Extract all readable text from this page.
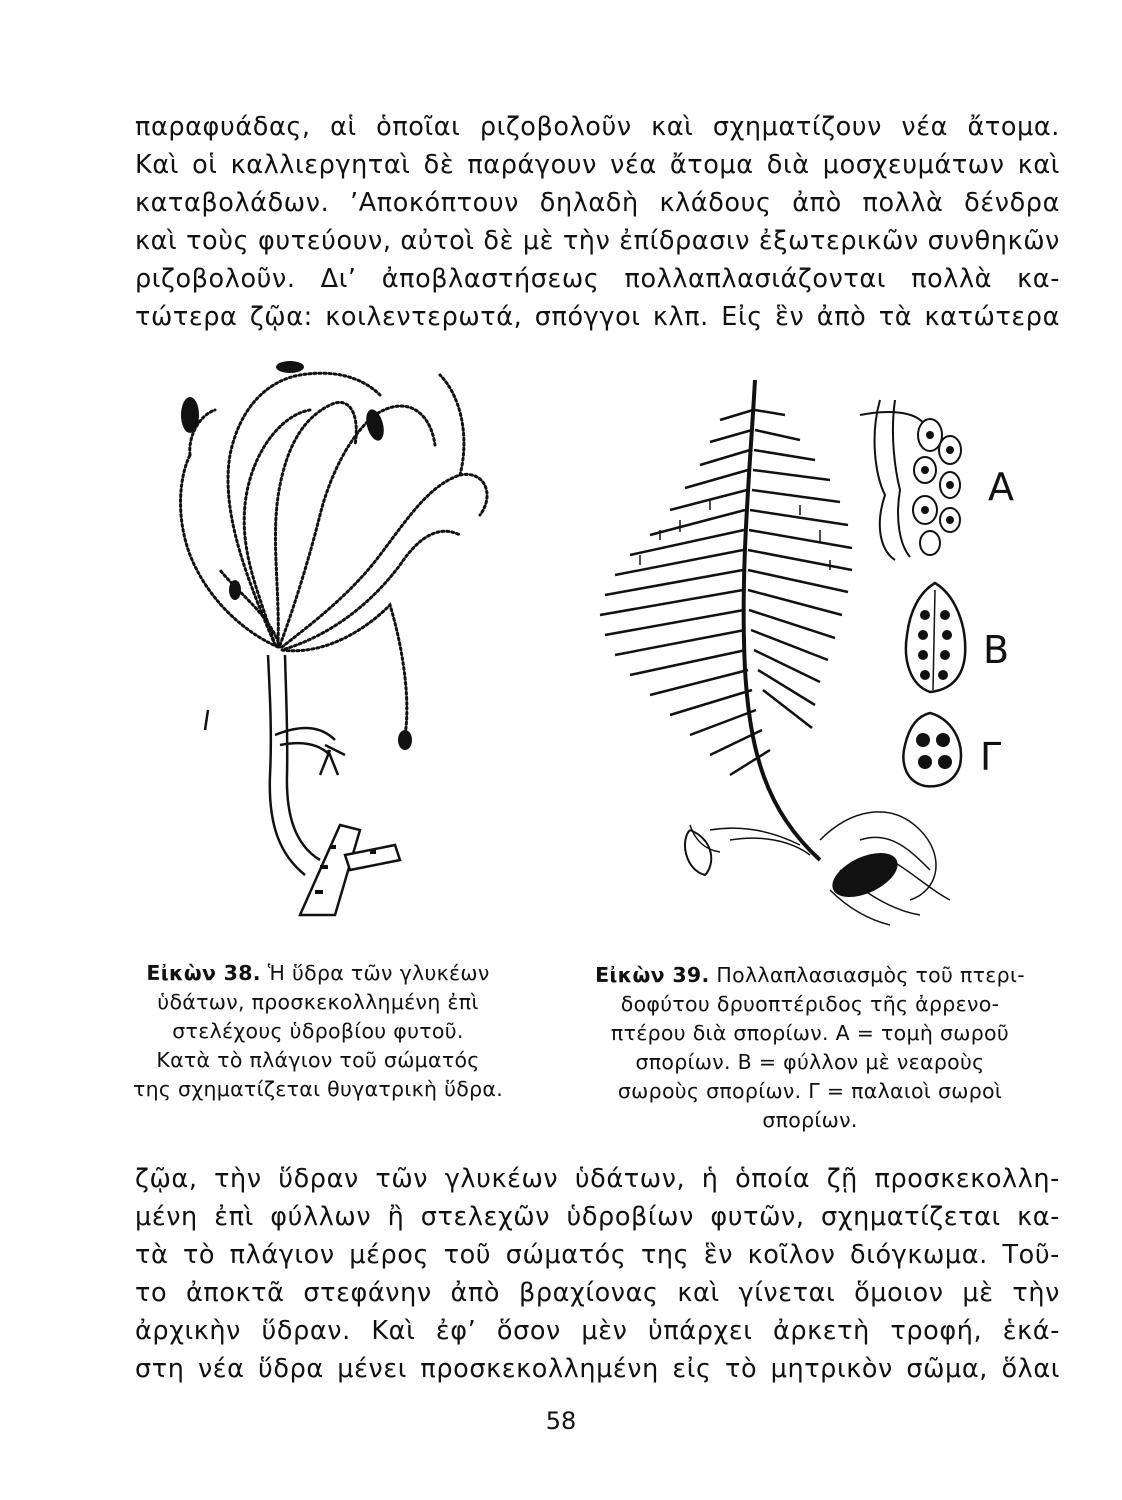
παραφυάδας, αἱ ὁποῖαι ριζοβολοῦν καὶ σχηματίζουν νέα ἄτομα.
Καὶ οἱ καλλιεργηταὶ δὲ παράγουν νέα ἄτομα διὰ μοσχευμάτων καὶ
καταβολάδων. ’Αποκόπτουν δηλαδὴ κλάδους ἀπὸ πολλὰ δένδρα
καὶ τοὺς φυτεύουν, αὐτοὶ δὲ μὲ τὴν ἐπίδρασιν ἐξωτερικῶν συνθηκῶν
ριζοβολοῦν. Δι’ ἀποβλαστήσεως πολλαπλασιάζονται πολλὰ κα-
τώτερα ζῷα: κοιλεντερωτά, σπόγγοι κλπ. Εἰς ἓν ἀπὸ τὰ κατώτερα
Α
Β
Γ
Εἰκὼν 38. Ἡ ὕδρα τῶν γλυκέων
ὑδάτων, προσκεκολλημένη ἐπὶ
στελέχους ὑδροβίου φυτοῦ.
Κατὰ τὸ πλάγιον τοῦ σώματός
της σχηματίζεται θυγατρικὴ ὕδρα.
Εἰκὼν 39. Πολλαπλασιασμὸς τοῦ πτερι-
δοφύτου δρυοπτέριδος τῆς ἀρρενο-
πτέρου διὰ σπορίων. Α = τομὴ σωροῦ
σπορίων. Β = φύλλον μὲ νεαροὺς
σωροὺς σπορίων. Γ = παλαιοὶ σωροὶ
σπορίων.
ζῷα, τὴν ὕδραν τῶν γλυκέων ὑδάτων, ἡ ὁποία ζῇ προσκεκολλη-
μένη ἐπὶ φύλλων ἢ στελεχῶν ὑδροβίων φυτῶν, σχηματίζεται κα-
τὰ τὸ πλάγιον μέρος τοῦ σώματός της ἓν κοῖλον διόγκωμα. Τοῦ-
το ἀποκτᾶ στεφάνην ἀπὸ βραχίονας καὶ γίνεται ὅμοιον μὲ τὴν
ἀρχικὴν ὕδραν. Καὶ ἐφ’ ὅσον μὲν ὑπάρχει ἀρκετὴ τροφή, ἑκά-
στη νέα ὕδρα μένει προσκεκολλημένη εἰς τὸ μητρικὸν σῶμα, ὅλαι
58
